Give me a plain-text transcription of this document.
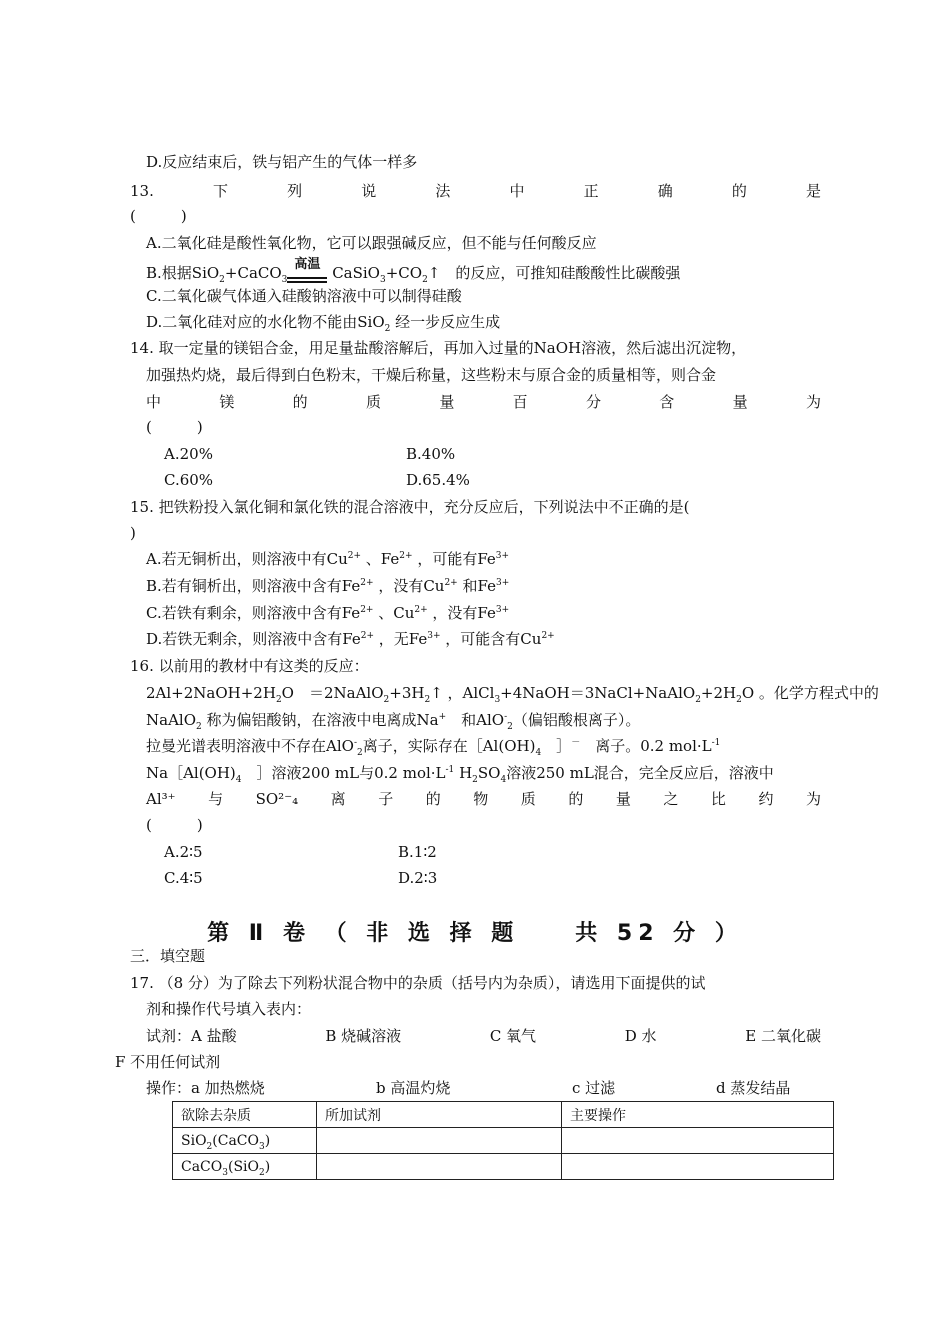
D.反应结束后，铁与铝产生的气体一样多
13.	下	列	说	法	中	正	确	的	是
(　　　)
A.二氧化硅是酸性氧化物，它可以跟强碱反应，但不能与任何酸反应
B.根据SiO$_2$+CaCO$_3$
高温 $CaSiO_3+CO_2↑$　的反应，可推知硅酸酸性比碳酸强
C.二氧化碳气体通入硅酸钠溶液中可以制得硅酸
D.二氧化硅对应的水化物不能由SiO$_2$ 经一步反应生成
14. 取一定量的镁铝合金，用足量盐酸溶解后，再加入过量的NaOH溶液，然后滤出沉淀物，
加强热灼烧，最后得到白色粉末，干燥后称量，这些粉末与原合金的质量相等，则合金
中	镁	的	质	量	百	分	含	量	为
(　　　)
A.20%	B.40%
C.60%	D.65.4%
15. 把铁粉投入氯化铜和氯化铁的混合溶液中，充分反应后，下列说法中不正确的是(
)
A.若无铜析出，则溶液中有$Cu^{2+}$ 、$Fe^{2+}$ ，可能有$Fe^{3+}$
B.若有铜析出，则溶液中含有$Fe^{2+}$ ，没有$Cu^{2+}$ 和$Fe^{3+}$
C.若铁有剩余，则溶液中含有$Fe^{2+}$ 、$Cu^{2+}$ ，没有$Fe^{3+}$
D.若铁无剩余，则溶液中含有$Fe^{2+}$ ，无$Fe^{3+}$ ，可能含有$Cu^{2+}$
16. 以前用的教材中有这类的反应：
$2Al+2NaOH+2H_2O$　$=2NaAlO_2+3H_2↑$ ，$AlCl_3+4NaOH=3NaCl+NaAlO_2+2H_2O$ 。化学方程式中的
NaAlO$_2$ 称为偏铝酸钠，在溶液中电离成Na+　和AlO-$_2$（偏铝酸根离子）。
拉曼光谱表明溶液中不存在AlO-$_2$离子，实际存在$[Al(OH)_4$　］－　离子。0.2 $mol\cdot L^{-1}$
$Na[Al(OH)_4$　］溶液200 mL与0.2 $mol\cdot L^{-1}$ $H_2SO_4$溶液250 mL混合，完全反应后，溶液中
Al³⁺ 与 SO²⁻₄ 离 子 的 物 质 的 量 之 比 约 为
(　　　)
A.2∶5	B.1∶2
C.4∶5	D.2∶3
第 Ⅱ 卷 （ 非 选 择 题　　共 52 分 ）
三．填空题
17. （8 分）为了除去下列粉状混合物中的杂质（括号内为杂质），请选用下面提供的试
剂和操作代号填入表内：
试剂：A 盐酸	B 烧碱溶液	C 氧气	D 水	E 二氧化碳
F 不用任何试剂
操作：a 加热燃烧	b 高温灼烧	c 过滤	d 蒸发结晶
欲除去杂质	所加试剂	主要操作
SiO$_2$(CaCO$_3$)		
CaCO$_3$(SiO$_2$)		
